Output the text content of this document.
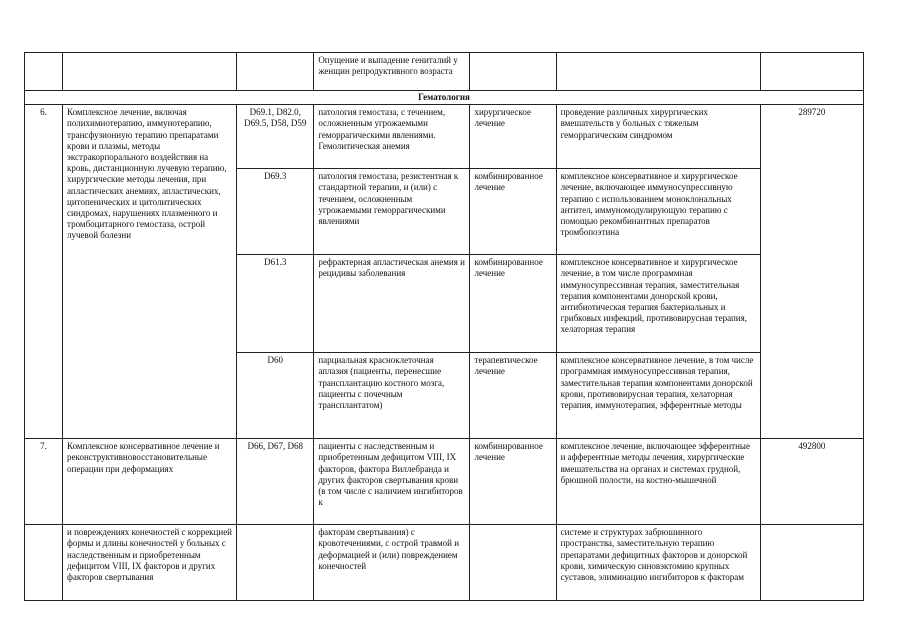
			Опущение и выпадение гениталий у женщин репродуктивного возраста			
Гематология						
6.	Комплексное лечение, включая полихимиотерапию, иммунотерапию, трансфузионную терапию препаратами крови и плазмы, методы экстракорпорального воздействия на кровь, дистанционную лучевую терапию, хирургические методы лечения, при апластических анемиях, апластических, цитопенических и цитолитических синдромах, нарушениях плазменного и тромбоцитарного гемостаза, острой лучевой болезни	D69.1, D82.0, D69.5, D58, D59	патология гемостаза, с течением, осложненным угрожаемыми геморрагическими явлениями. Гемолитическая анемия	хирургическое лечение	проведение различных хирургических вмешательств у больных с тяжелым геморрагическим синдромом	289720
		D69.3	патология гемостаза, резистентная к стандартной терапии, и (или) с течением, осложненным угрожаемыми геморрагическими явлениями	комбинированное лечение	комплексное консервативное и хирургическое лечение, включающее иммуносупрессивную терапию с использованием моноклональных антител, иммуномодулирующую терапию с помощью рекомбинантных препаратов тромбопоэтина	
		D61.3	рефрактерная апластическая анемия и рецидивы заболевания	комбинированное лечение	комплексное консервативное и хирургическое лечение, в том числе программная иммуносупрессивная терапия, заместительная терапия компонентами донорской крови, антибиотическая терапия бактериальных и грибковых инфекций, противовирусная терапия, хелаторная терапия	
		D60	парциальная красноклеточная аплазия (пациенты, перенесшие трансплантацию костного мозга, пациенты с почечным трансплантатом)	терапевтическое лечение	комплексное консервативное лечение, в том числе программная иммуносупрессивная терапия, заместительная терапия компонентами донорской крови, противовирусная терапия, хелаторная терапия, иммунотерапия, эфферентные методы	
7.	Комплексное консервативное лечение и реконструктивновосстановительные операции при деформациях	D66, D67, D68	пациенты с наследственным и приобретенным дефицитом VIII, IX факторов, фактора Виллебранда и других факторов свертывания крови (в том числе с наличием ингибиторов к	комбинированное лечение	комплексное лечение, включающее эфферентные и афферентные методы лечения, хирургические вмешательства на органах и системах грудной, брюшной полости, на костно-мышечной	492800
	и повреждениях конечностей с коррекцией формы и длины конечностей у больных с наследственным и приобретенным дефицитом VIII, IX факторов и других факторов свертывания		факторам свертывания) с кровотечениями, с острой травмой и деформацией и (или) повреждением конечностей		системе и структурах забрюшинного пространства, заместительную терапию препаратами дефицитных факторов и донорской крови, химическую синовэктомию крупных суставов, элиминацию ингибиторов к факторам	
